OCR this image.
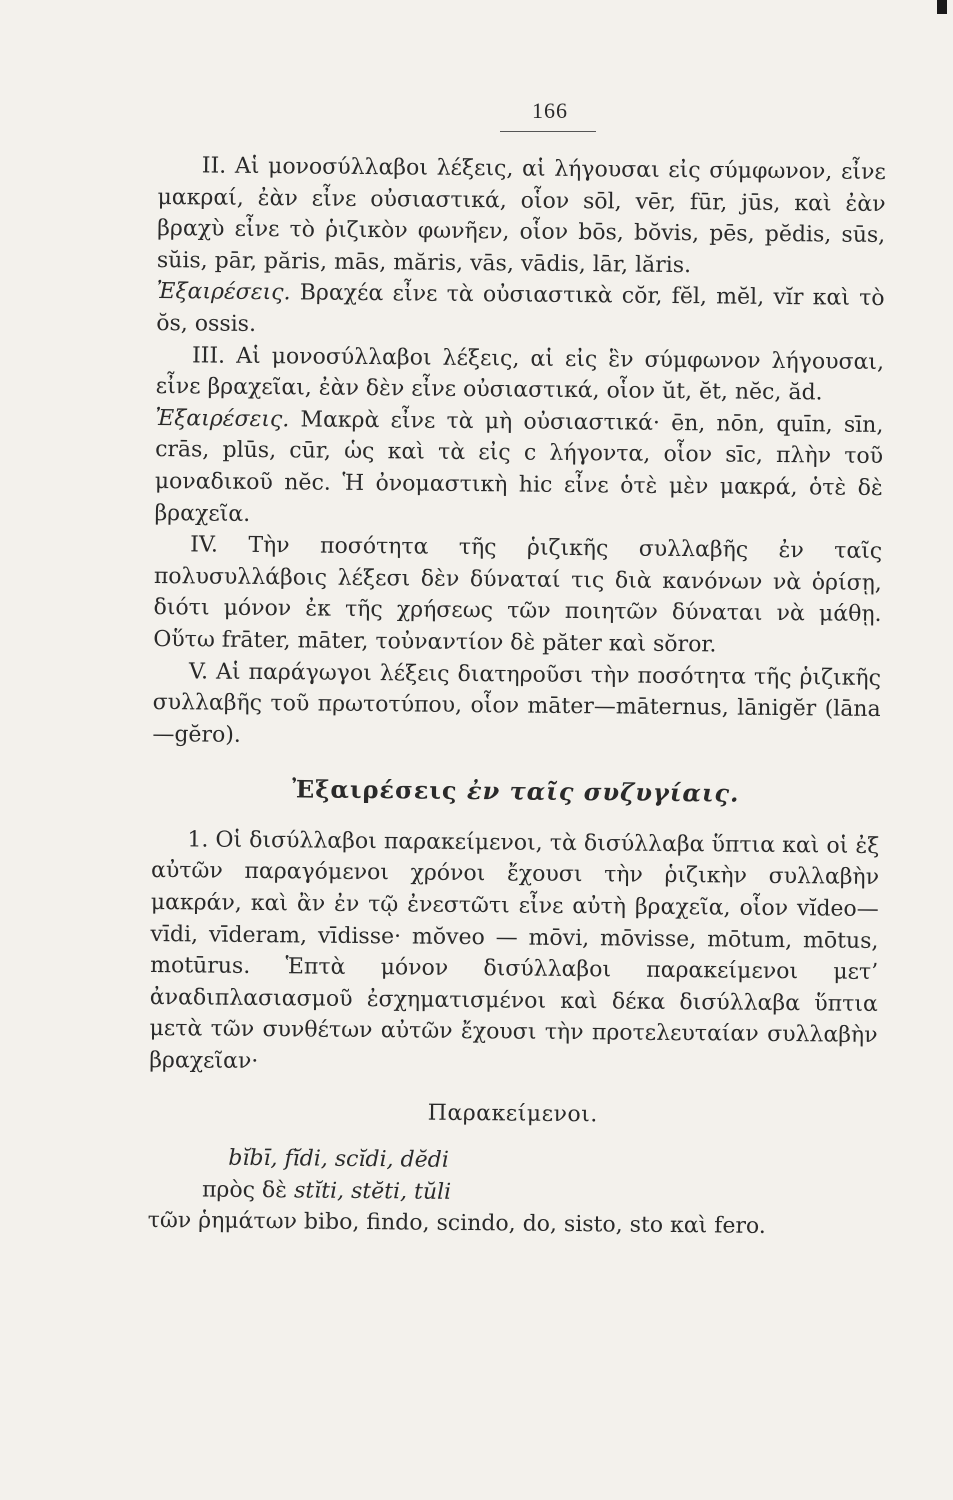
166

II. Αἱ μονοσύλλαβοι λέξεις, αἱ λήγουσαι εἰς σύμφωνον, εἶνε μακραί, ἐὰν εἶνε οὐσιαστικά, οἷον sōl, vēr, fūr, jūs, καὶ ἐὰν βραχὺ εἶνε τὸ ῥιζικὸν φωνῆεν, οἷον bōs, bŏvis, pēs, pĕdis, sūs, sŭis, pār, păris, mās, măris, vās, vādis, lār, lăris.
Ἐξαιρέσεις. Βραχέα εἶνε τὰ οὐσιαστικὰ cŏr, fĕl, mĕl, vĭr καὶ τὸ ŏs, ossis.

III. Αἱ μονοσύλλαβοι λέξεις, αἱ εἰς ἓν σύμφωνον λήγουσαι, εἶνε βραχεῖαι, ἐὰν δὲν εἶνε οὐσιαστικά, οἷον ŭt, ĕt, nĕc, ăd.
Ἐξαιρέσεις. Μακρὰ εἶνε τὰ μὴ οὐσιαστικά· ēn, nōn, quīn, sīn, crās, plūs, cūr, ὡς καὶ τὰ εἰς c λήγοντα, οἷον sīc, πλὴν τοῦ μοναδικοῦ nĕc. Ἡ ὀνομαστικὴ hic εἶνε ὁτὲ μὲν μακρά, ὁτὲ δὲ βραχεῖα.

IV. Τὴν ποσότητα τῆς ῥιζικῆς συλλαβῆς ἐν ταῖς πολυσυλλάβοις λέξεσι δὲν δύναταί τις διὰ κανόνων νὰ ὁρίσῃ, διότι μόνον ἐκ τῆς χρήσεως τῶν ποιητῶν δύναται νὰ μάθῃ. Οὕτω frāter, māter, τοὐναντίον δὲ păter καὶ sŏror.

V. Αἱ παράγωγοι λέξεις διατηροῦσι τὴν ποσότητα τῆς ῥιζικῆς συλλαβῆς τοῦ πρωτοτύπου, οἷον māter—māternus, lānigĕr (lāna—gĕro).

Ἐξαιρέσεις ἐν ταῖς συζυγίαις.

1. Οἱ δισύλλαβοι παρακείμενοι, τὰ δισύλλαβα ὕπτια καὶ οἱ ἐξ αὐτῶν παραγόμενοι χρόνοι ἔχουσι τὴν ῥιζικὴν συλλαβὴν μακράν, καὶ ἂν ἐν τῷ ἐνεστῶτι εἶνε αὐτὴ βραχεῖα, οἷον vĭdeo—vīdi, vīderam, vīdisse· mŏveo — mōvi, mōvisse, mōtum, mōtus, motūrus. Ἑπτὰ μόνον δισύλλαβοι παρακείμενοι μετ’ ἀναδιπλασιασμοῦ ἐσχηματισμένοι καὶ δέκα δισύλλαβα ὕπτια μετὰ τῶν συνθέτων αὐτῶν ἔχουσι τὴν προτελευταίαν συλλαβὴν βραχεῖαν·

Παρακείμενοι.

bĭbī, fĭdi, scĭdi, dĕdi

πρὸς δὲ stĭti, stĕti, tŭli

τῶν ῥημάτων bibo, findo, scindo, do, sisto, sto καὶ fero.
